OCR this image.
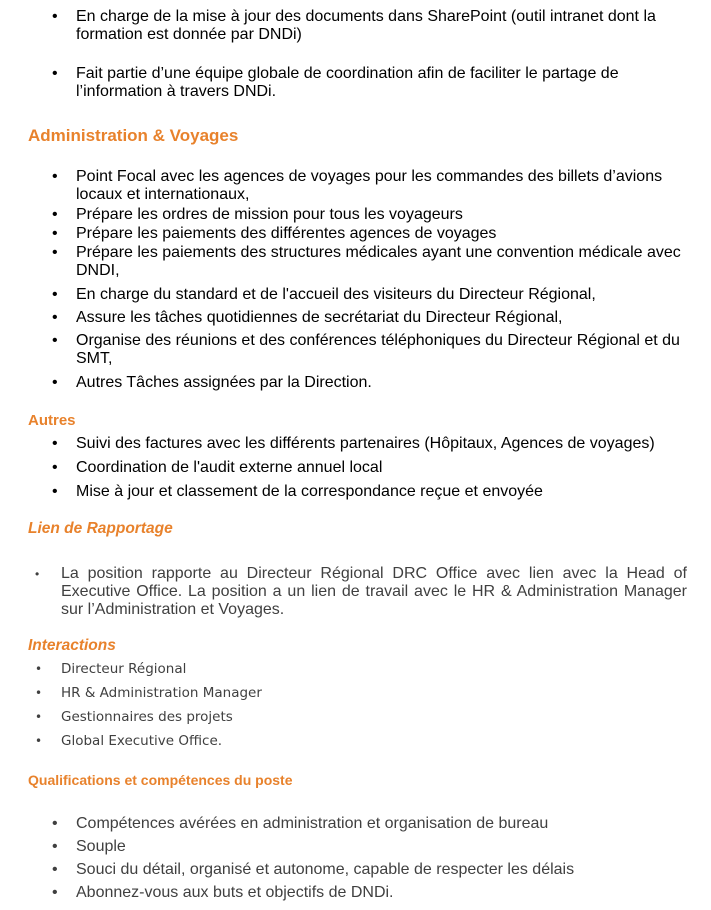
• En charge de la mise à jour des documents dans SharePoint (outil intranet dont la formation est donnée par DNDi)
• Fait partie d’une équipe globale de coordination afin de faciliter le partage de l’information à travers DNDi.
Administration & Voyages
• Point Focal avec les agences de voyages pour les commandes des billets d’avions locaux et internationaux,
• Prépare les ordres de mission pour tous les voyageurs
• Prépare les paiements des différentes agences de voyages
• Prépare les paiements des structures médicales ayant une convention médicale avec DNDI,
• En charge du standard et de l'accueil des visiteurs du Directeur Régional,
• Assure les tâches quotidiennes de secrétariat du Directeur Régional,
• Organise des réunions et des conférences téléphoniques du Directeur Régional et du SMT,
• Autres Tâches assignées par la Direction.
Autres
• Suivi des factures avec les différents partenaires (Hôpitaux, Agences de voyages)
• Coordination de l'audit externe annuel local
• Mise à jour et classement de la correspondance reçue et envoyée
Lien de Rapportage
• La position rapporte au Directeur Régional DRC Office avec lien avec la Head of Executive Office. La position a un lien de travail avec le HR & Administration Manager sur l’Administration et Voyages.
Interactions
• Directeur Régional
• HR & Administration Manager
• Gestionnaires des projets
• Global Executive Office.
Qualifications et compétences du poste
• Compétences avérées en administration et organisation de bureau
• Souple
• Souci du détail, organisé et autonome, capable de respecter les délais
• Abonnez-vous aux buts et objectifs de DNDi.
